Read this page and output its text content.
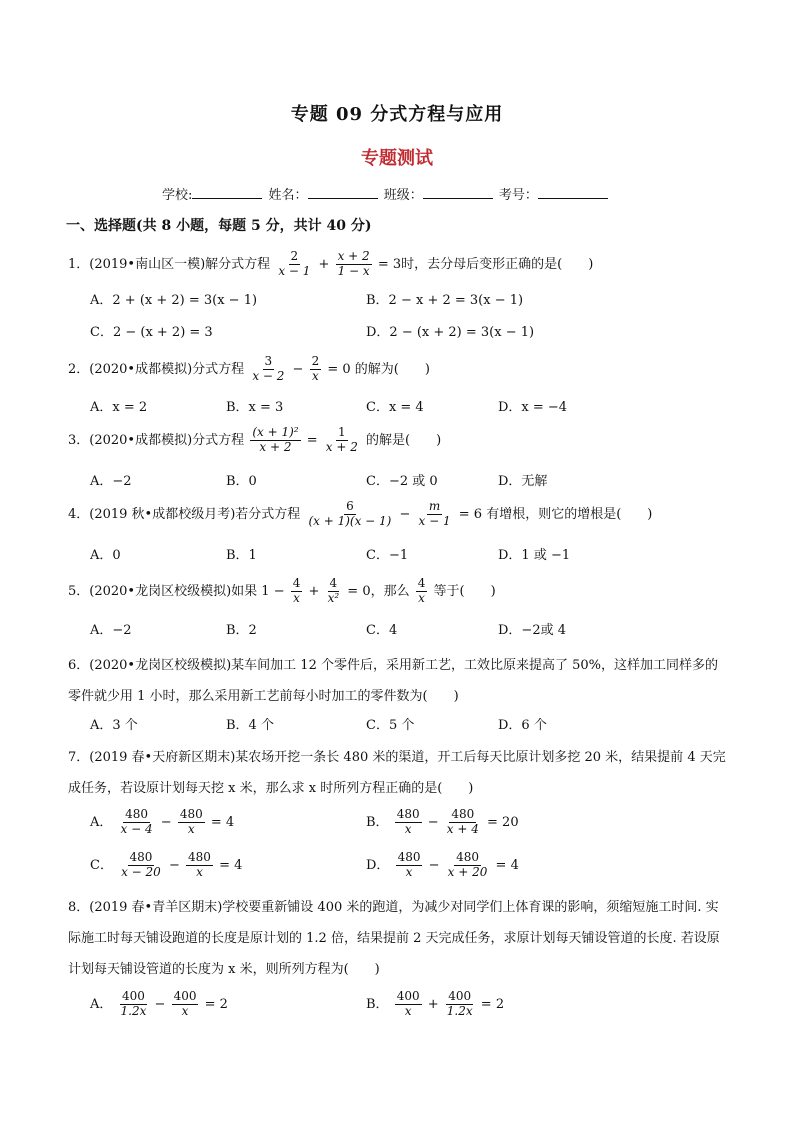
专题 09 分式方程与应用
专题测试
学校:	姓名：	班级：	考号：
一、选择题(共 8 小题，每题 5 分，共计 40 分)
1．(2019•南山区一模)解分式方程 $\frac{2}{x - 1} + \frac{x + 2}{1 - x} = 3$时，去分母后变形正确的是(　　)
A．2 + (x + 2) = 3(x − 1)	B．2 − x + 2 = 3(x − 1)
C．2 − (x + 2) = 3	D．2 − (x + 2) = 3(x − 1)
2．(2020•成都模拟)分式方程 $\frac{3}{x - 2} - \frac{2}{x} = 0$ 的解为(　　)
A．x = 2	B．x = 3	C．x = 4	D．x = −4
3．(2020•成都模拟)分式方程 $\frac{\text{(x + 1)²}}{x + 2} = \frac{1}{x + 2}$ 的解是(　　)
A．−2	B．0	C．−2 或 0	D．无解
4．(2019 秋•成都校级月考)若分式方程 $\frac{6}{(x + 1)(x - 1)} - \frac{m}{x - 1} = 6$ 有增根，则它的增根是(　　)
A．0	B．1	C．−1	D．1 或 −1
5．(2020•龙岗区校级模拟)如果 $1 - \frac{4}{x} + \frac{4}{\text{x²}} = 0$，那么 $\frac{4}{x}$ 等于(　　)
A．−2	B．2	C．4	D．−2或 4
6．(2020•龙岗区校级模拟)某车间加工 12 个零件后，采用新工艺，工效比原来提高了 50%，这样加工同样多的零件就少用 1 小时，那么采用新工艺前每小时加工的零件数为(　　)
A．3 个	B．4 个	C．5 个	D．6 个
7．(2019 春•天府新区期末)某农场开挖一条长 480 米的渠道，开工后每天比原计划多挖 20 米，结果提前 4 天完成任务，若设原计划每天挖 x 米，那么求 x 时所列方程正确的是(　　)
A． $\frac{480}{x - 4} - \frac{480}{x} = 4$	B． $\frac{480}{x} - \frac{480}{x + 4} = 20$
C． $\frac{480}{x - 20} - \frac{480}{x} = 4$	D． $\frac{480}{x} - \frac{480}{x + 20} = 4$
8．(2019 春•青羊区期末)学校要重新铺设 400 米的跑道，为减少对同学们上体育课的影响，须缩短施工时间. 实际施工时每天铺设跑道的长度是原计划的 1.2 倍，结果提前 2 天完成任务，求原计划每天铺设管道的长度. 若设原计划每天铺设管道的长度为 x 米，则所列方程为(　　)
A． $\frac{400}{1.2x} - \frac{400}{x} = 2$	B． $\frac{400}{x} + \frac{400}{1.2x} = 2$
